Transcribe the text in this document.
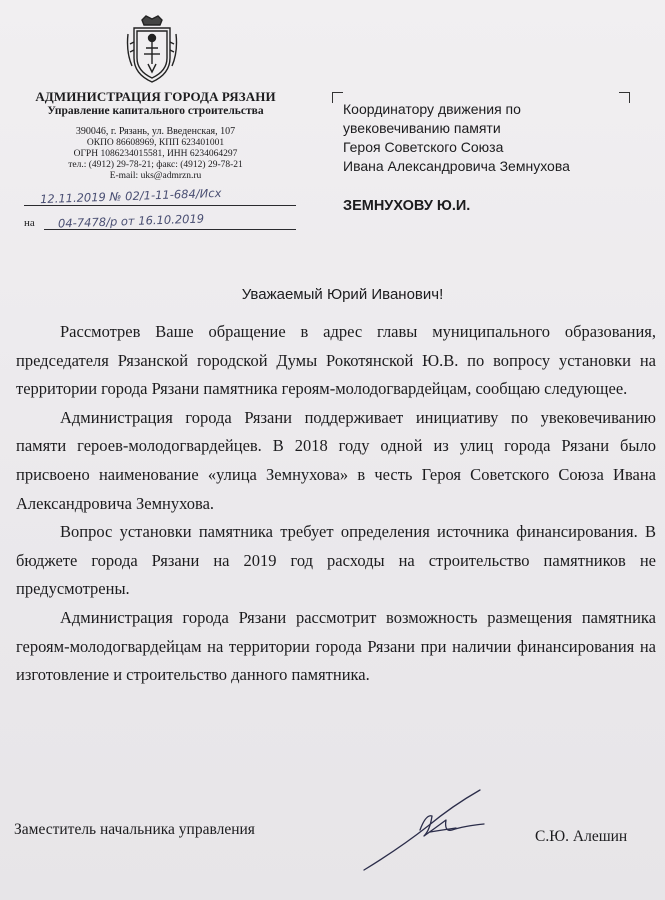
АДМИНИСТРАЦИЯ ГОРОДА РЯЗАНИ
Управление капитального строительства
390046, г. Рязань, ул. Введенская, 107
ОКПО 86608969, КПП 623401001
ОГРН 1086234015581, ИНН 6234064297
тел.: (4912) 29-78-21; факс: (4912) 29-78-21
E-mail: uks@admrzn.ru
12.11.2019 № 02/1-11-684/Исх
на 04-7478/р от 16.10.2019
Координатору движения по
увековечиванию памяти
Героя Советского Союза
Ивана Александровича Земнухова
ЗЕМНУХОВУ Ю.И.
Уважаемый Юрий Иванович!

Рассмотрев Ваше обращение в адрес главы муниципального образования, председателя Рязанской городской Думы Рокотянской Ю.В. по вопросу установки на территории города Рязани памятника героям-молодогвардейцам, сообщаю следующее.

Администрация города Рязани поддерживает инициативу по увековечиванию памяти героев-молодогвардейцев. В 2018 году одной из улиц города Рязани было присвоено наименование «улица Земнухова» в честь Героя Советского Союза Ивана Александровича Земнухова.

Вопрос установки памятника требует определения источника финансирования. В бюджете города Рязани на 2019 год расходы на строительство памятников не предусмотрены.

Администрация города Рязани рассмотрит возможность размещения памятника героям-молодогвардейцам на территории города Рязани при наличии финансирования на изготовление и строительство данного памятника.

Заместитель начальника управления	С.Ю. Алешин
